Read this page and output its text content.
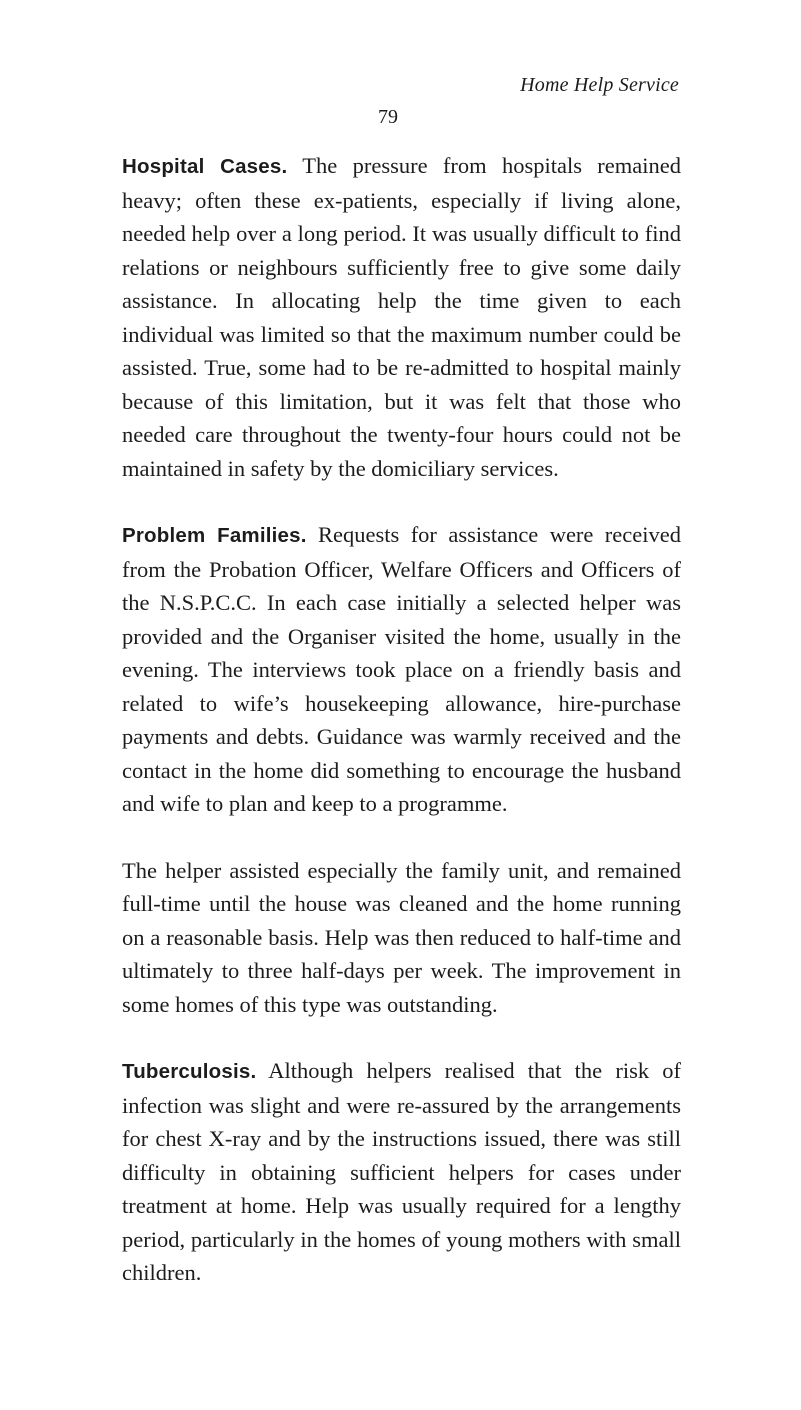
Home Help Service
79

Hospital Cases. The pressure from hospitals remained heavy; often these ex-patients, especially if living alone, needed help over a long period. It was usually difficult to find relations or neighbours sufficiently free to give some daily assistance. In allocating help the time given to each individual was limited so that the maximum number could be assisted. True, some had to be re-admitted to hospital mainly because of this limitation, but it was felt that those who needed care throughout the twenty-four hours could not be maintained in safety by the domiciliary services.

Problem Families. Requests for assistance were received from the Probation Officer, Welfare Officers and Officers of the N.S.P.C.C. In each case initially a selected helper was provided and the Organiser visited the home, usually in the evening. The interviews took place on a friendly basis and related to wife’s housekeeping allowance, hire-purchase payments and debts. Guidance was warmly received and the contact in the home did something to encourage the husband and wife to plan and keep to a programme.

The helper assisted especially the family unit, and remained full-time until the house was cleaned and the home running on a reasonable basis. Help was then reduced to half-time and ultimately to three half-days per week. The improvement in some homes of this type was outstanding.

Tuberculosis. Although helpers realised that the risk of infection was slight and were re-assured by the arrangements for chest X-ray and by the instructions issued, there was still difficulty in obtaining sufficient helpers for cases under treatment at home. Help was usually required for a lengthy period, particularly in the homes of young mothers with small children.
